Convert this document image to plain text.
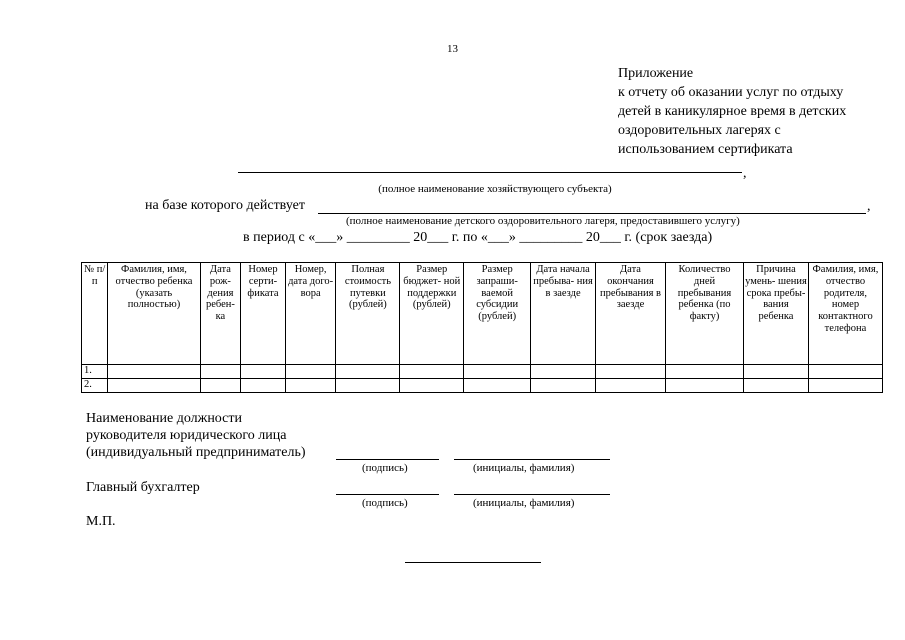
13
Приложение
к отчету об оказании услуг по отдыху
детей в каникулярное время в детских
оздоровительных лагерях с
использованием сертификата
,
(полное наименование хозяйствующего субъекта)
на базе которого действует	,
(полное наименование детского оздоровительного лагеря, предоставившего услугу)
в период с «___» _________ 20___ г. по «___» _________ 20___ г. (срок заезда)
№ п/п	Фамилия, имя, отчество ребенка (указать полностью)	Дата рож- дения ребен- ка	Номер серти- фиката	Номер, дата дого- вора	Полная стоимость путевки (рублей)	Размер бюджет- ной поддержки (рублей)	Размер запраши- ваемой субсидии (рублей)	Дата начала пребыва- ния в заезде	Дата окончания пребывания в заезде	Количество дней пребывания ребенка (по факту)	Причина умень- шения срока пребы- вания ребенка	Фамилия, имя, отчество родителя, номер контактного телефона
1.												
2.												
Наименование должности
руководителя юридического лица
(индивидуальный предприниматель)
(подпись)	(инициалы, фамилия)
Главный бухгалтер
(подпись)	(инициалы, фамилия)
М.П.
